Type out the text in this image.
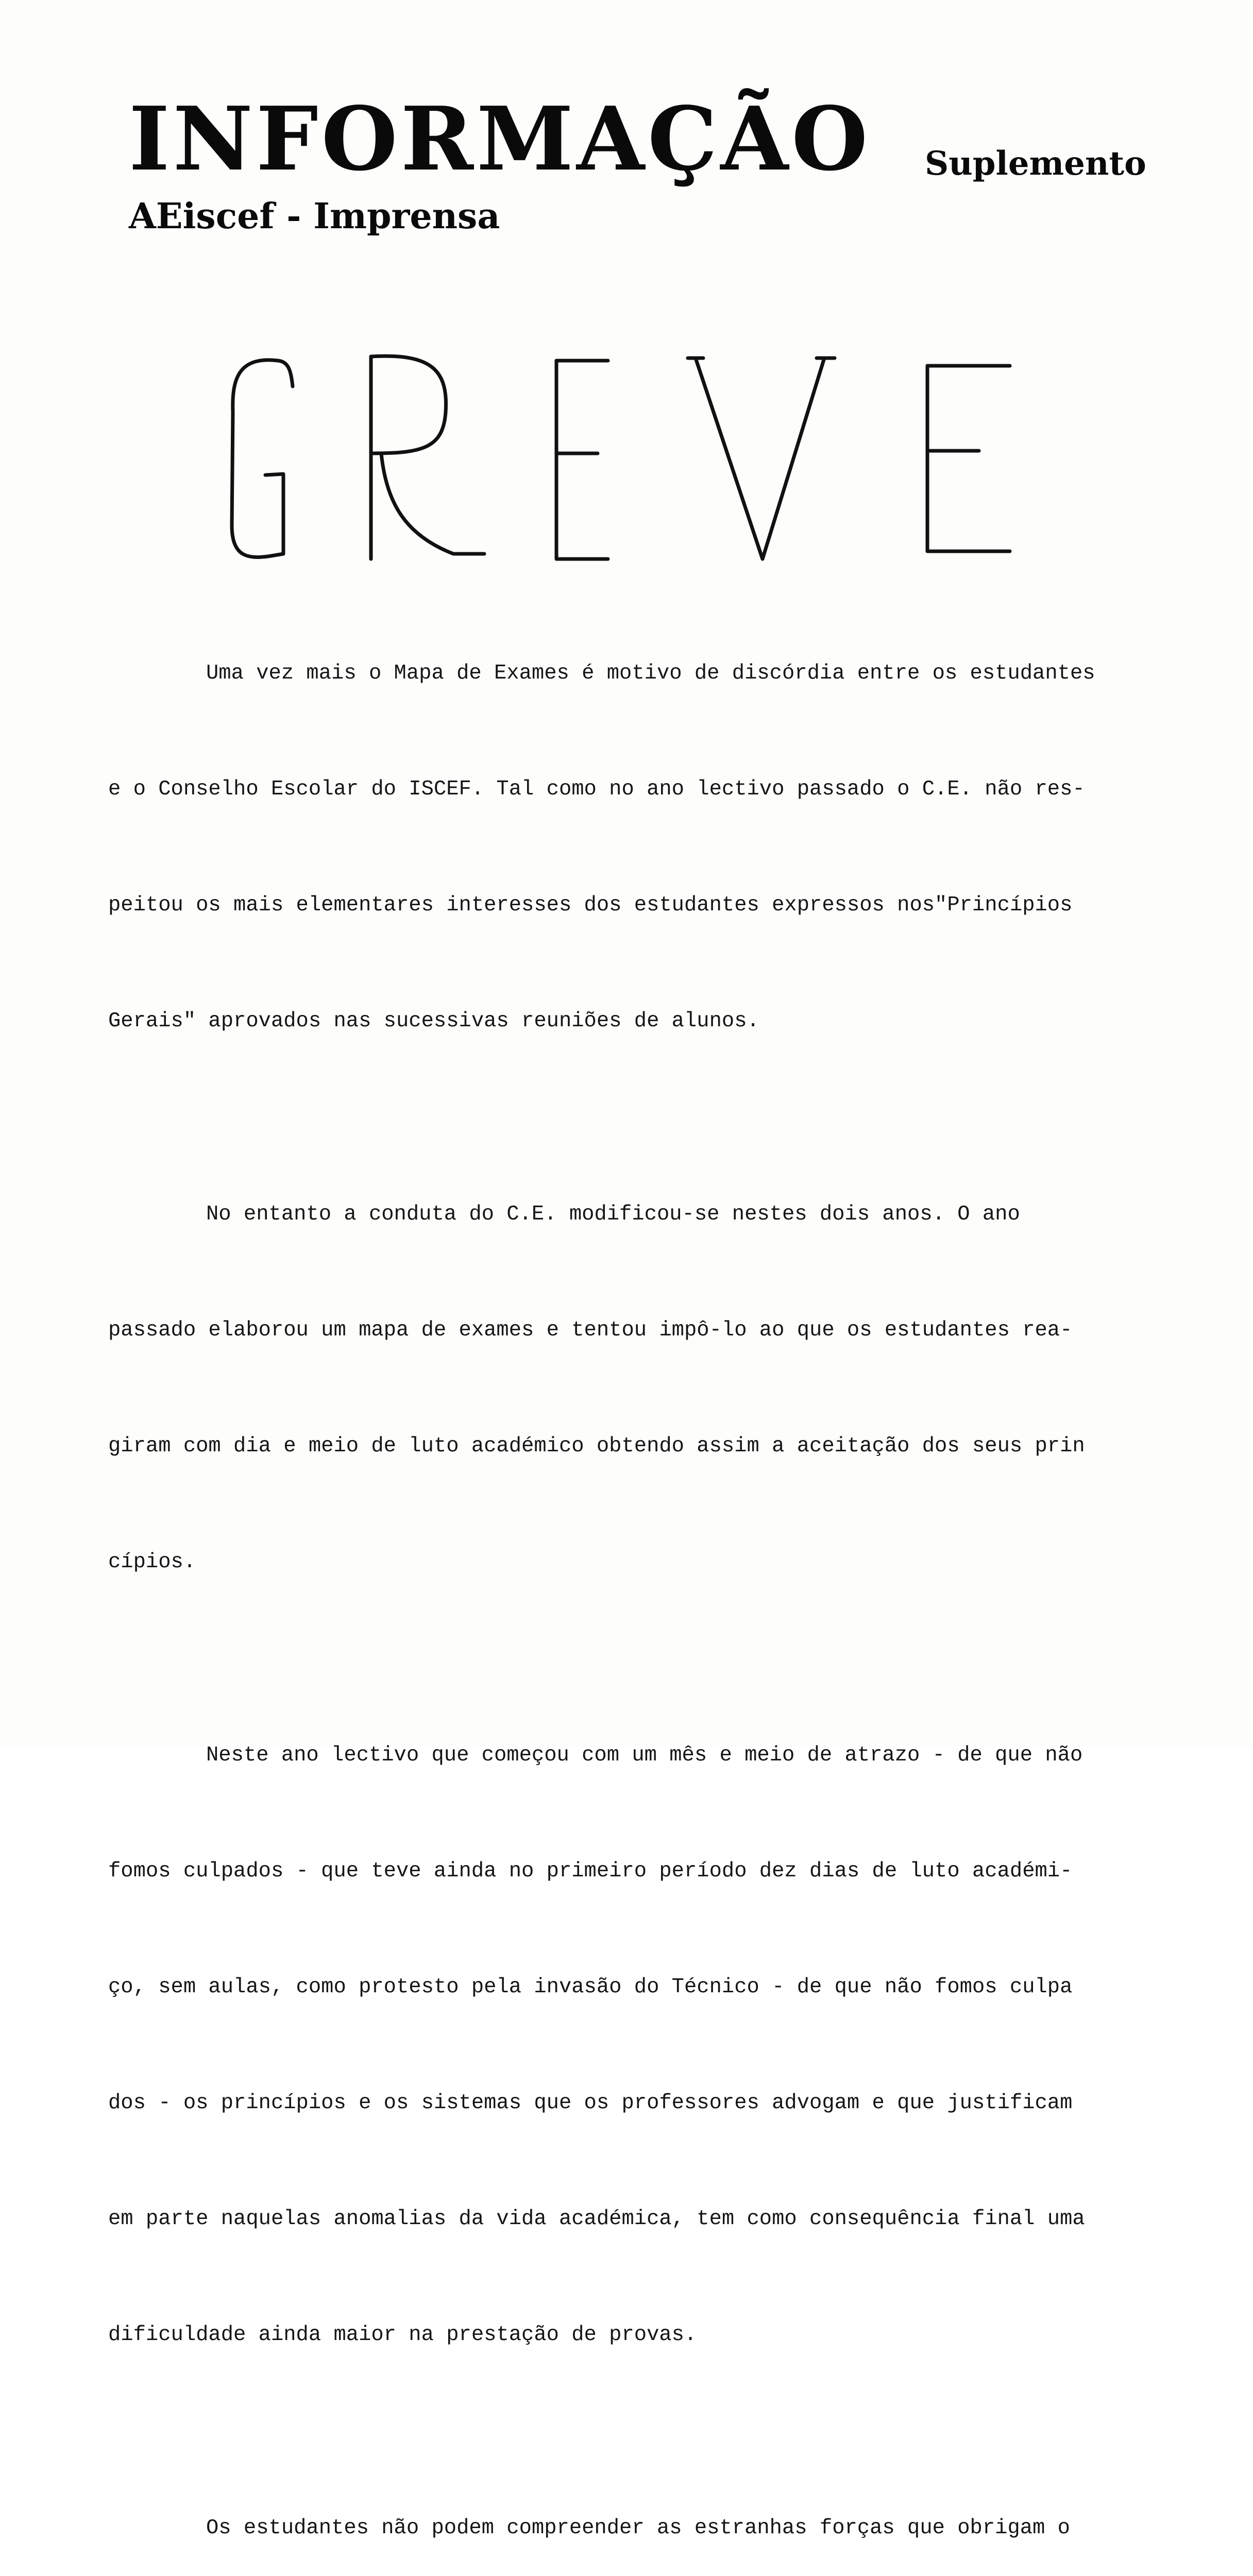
INFORMAÇÃO Suplemento
AEiscef - Imprensa

Uma vez mais o Mapa de Exames é motivo de discórdia entre os estudantes

e o Conselho Escolar do ISCEF. Tal como no ano lectivo passado o C.E. não res-

peitou os mais elementares interesses dos estudantes expressos nos"Princípios

Gerais" aprovados nas sucessivas reuniões de alunos.

No entanto a conduta do C.E. modificou-se nestes dois anos. O ano

passado elaborou um mapa de exames e tentou impô-lo ao que os estudantes rea-

giram com dia e meio de luto académico obtendo assim a aceitação dos seus prin

cípios.

Neste ano lectivo que começou com um mês e meio de atrazo - de que não

fomos culpados - que teve ainda no primeiro período dez dias de luto académi-

ço, sem aulas, como protesto pela invasão do Técnico - de que não fomos culpa

dos - os princípios e os sistemas que os professores advogam e que justificam

em parte naquelas anomalias da vida académica, tem como consequência final uma

dificuldade ainda maior na prestação de provas.

Os estudantes não podem compreender as estranhas forças que obrigam o
